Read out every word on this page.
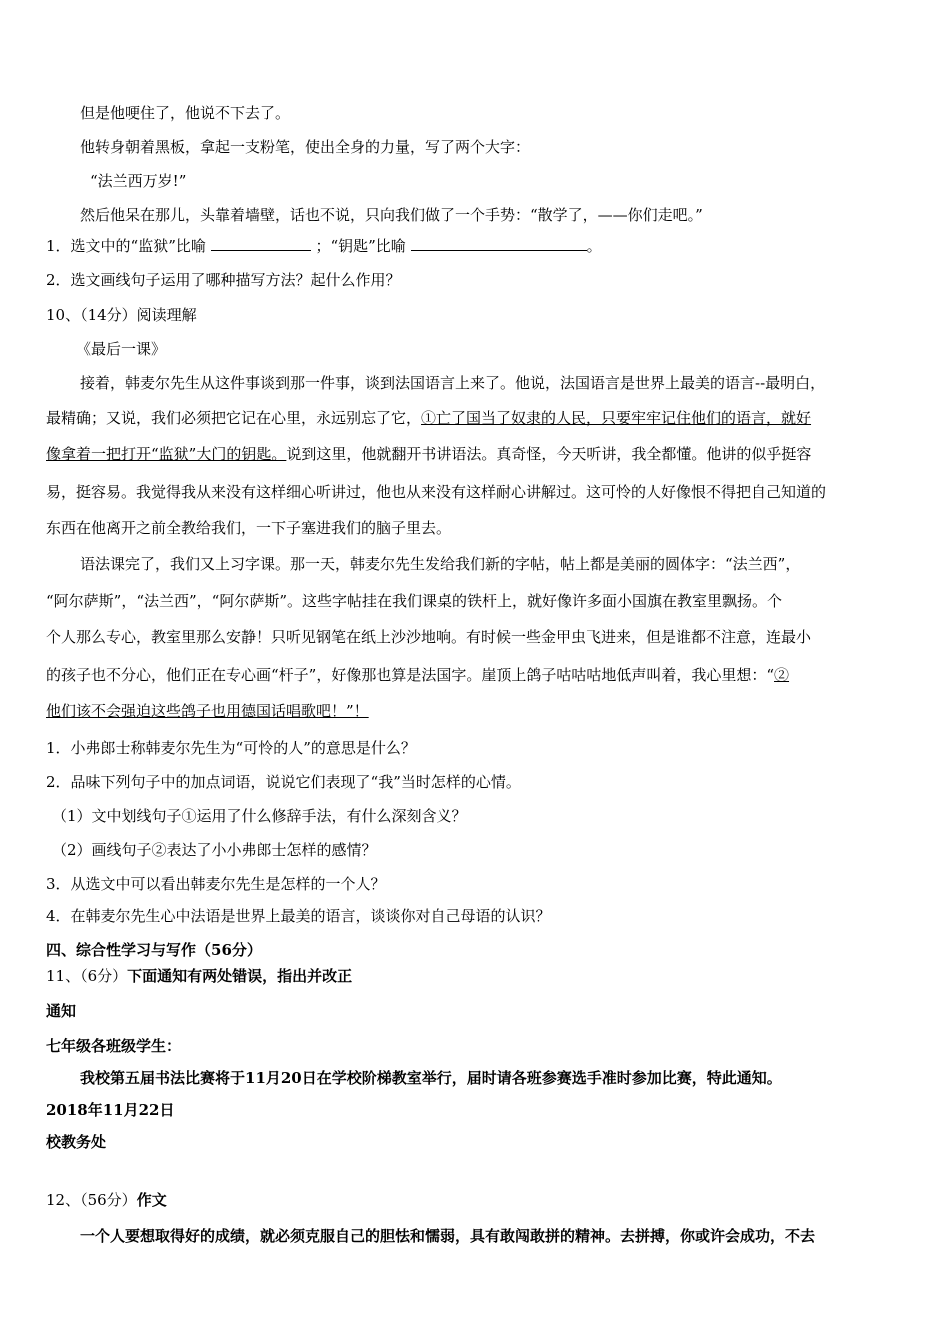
但是他哽住了，他说不下去了。
他转身朝着黑板，拿起一支粉笔，使出全身的力量，写了两个大字：
“法兰西万岁!”
然后他呆在那儿，头靠着墙壁，话也不说，只向我们做了一个手势：“散学了，——你们走吧。”
1．选文中的“监狱”比喻	；“钥匙”比喻	。
2．选文画线句子运用了哪种描写方法？起什么作用？
10、（14分）阅读理解
《最后一课》
接着，韩麦尔先生从这件事谈到那一件事，谈到法国语言上来了。他说，法国语言是世界上最美的语言--最明白，
最精确；又说，我们必须把它记在心里，永远别忘了它，①亡了国当了奴隶的人民，只要牢牢记住他们的语言，就好
像拿着一把打开“监狱”大门的钥匙。说到这里，他就翻开书讲语法。真奇怪，今天听讲，我全都懂。他讲的似乎挺容
易，挺容易。我觉得我从来没有这样细心听讲过，他也从来没有这样耐心讲解过。这可怜的人好像恨不得把自己知道的
东西在他离开之前全教给我们，一下子塞进我们的脑子里去。
语法课完了，我们又上习字课。那一天，韩麦尔先生发给我们新的字帖，帖上都是美丽的圆体字：“法兰西”，
“阿尔萨斯”，“法兰西”，“阿尔萨斯”。这些字帖挂在我们课桌的铁杆上，就好像许多面小国旗在教室里飘扬。个
个人那么专心，教室里那么安静！只听见钢笔在纸上沙沙地响。有时候一些金甲虫飞进来，但是谁都不注意，连最小
的孩子也不分心，他们正在专心画“杆子”，好像那也算是法国字。崖顶上鸽子咕咕咕地低声叫着，我心里想：“②
他们该不会强迫这些鸽子也用德国话唱歌吧！”！
1．小弗郎士称韩麦尔先生为“可怜的人”的意思是什么？
2．品味下列句子中的加点词语，说说它们表现了“我”当时怎样的心情。
（1）文中划线句子①运用了什么修辞手法，有什么深刻含义？
（2）画线句子②表达了小小弗郎士怎样的感情？
3．从选文中可以看出韩麦尔先生是怎样的一个人？
4．在韩麦尔先生心中法语是世界上最美的语言，谈谈你对自己母语的认识？
四、综合性学习与写作（56分）
11、（6分）下面通知有两处错误，指出并改正
通知
七年级各班级学生：
我校第五届书法比赛将于11月20日在学校阶梯教室举行，届时请各班参赛选手准时参加比赛，特此通知。
2018年11月22日
校教务处
12、（56分）作文
一个人要想取得好的成绩，就必须克服自己的胆怯和懦弱，具有敢闯敢拼的精神。去拼搏，你或许会成功，不去
